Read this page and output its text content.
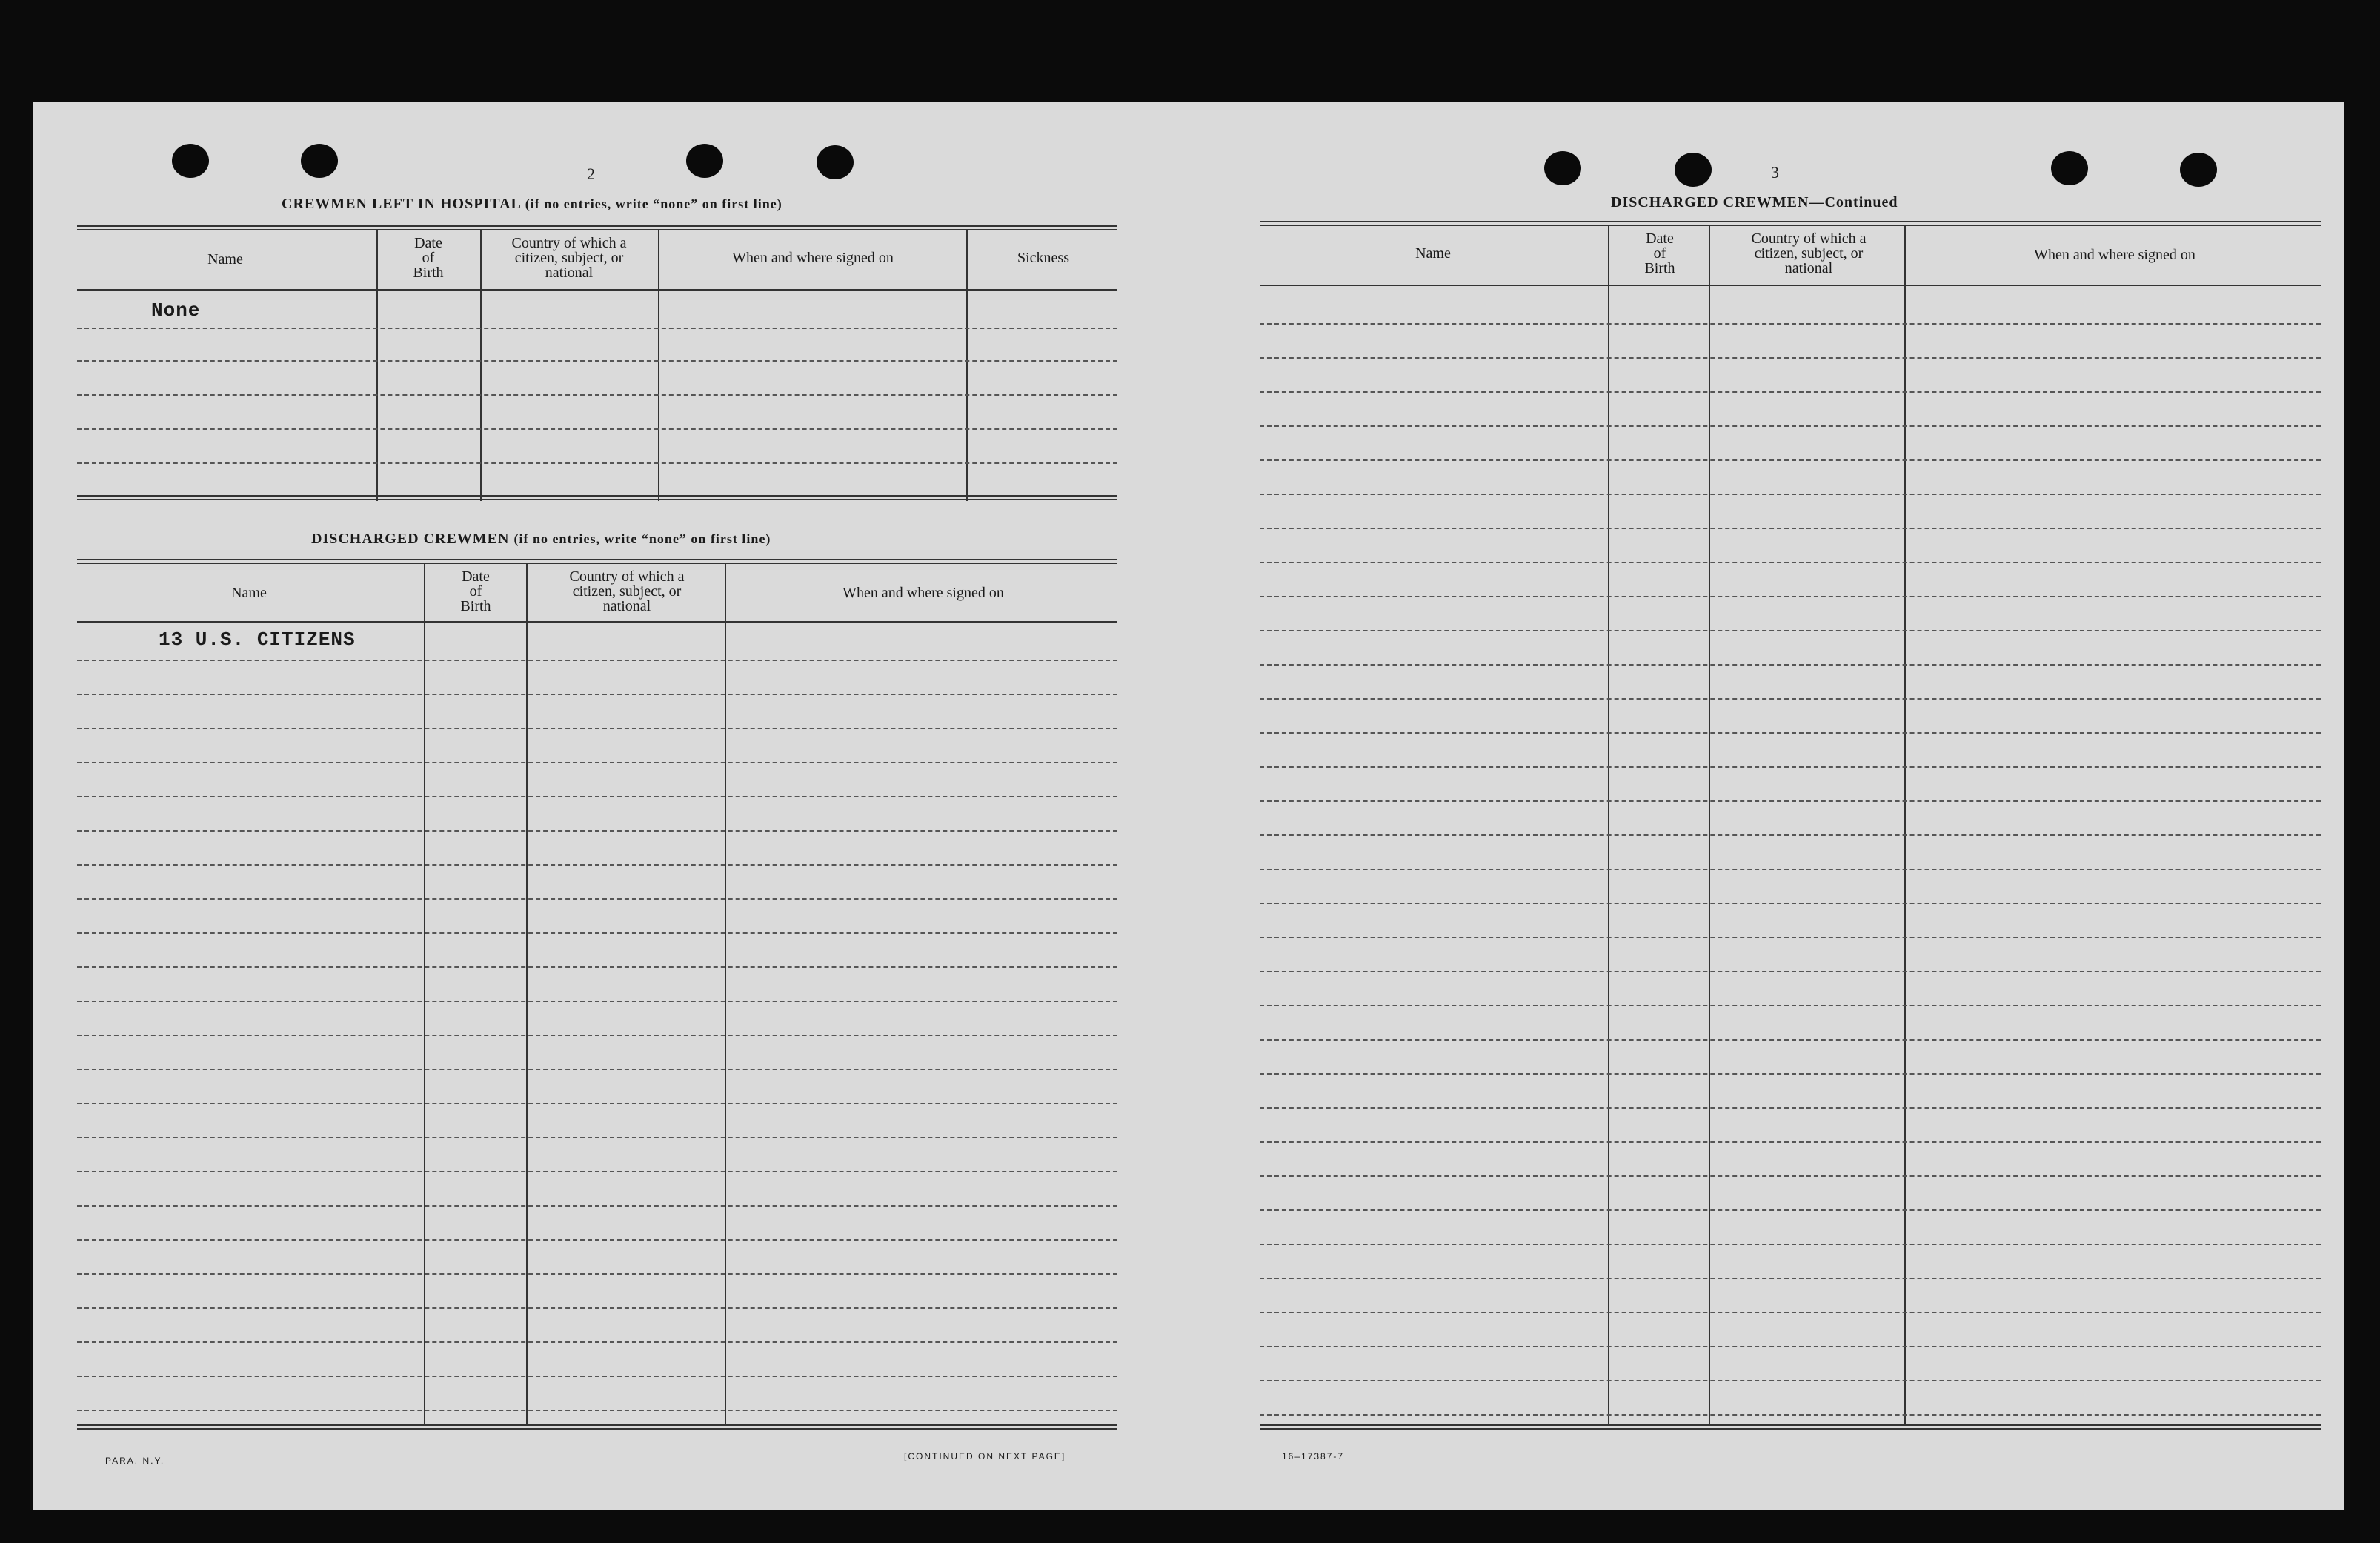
2
CREWMEN LEFT IN HOSPITAL (if no entries, write “none” on first line)
Name
Date
of
Birth
Country of which a
citizen, subject, or
national
When and where signed on	Sickness
None
DISCHARGED CREWMEN (if no entries, write “none” on first line)
Name
Date
of
Birth
Country of which a
citizen, subject, or
national
When and where signed on
13 U.S. CITIZENS
PARA. N.Y.	[CONTINUED ON NEXT PAGE]
3
DISCHARGED CREWMEN—Continued
Name
Date
of
Birth
Country of which a
citizen, subject, or
national
When and where signed on
16–17387-7
